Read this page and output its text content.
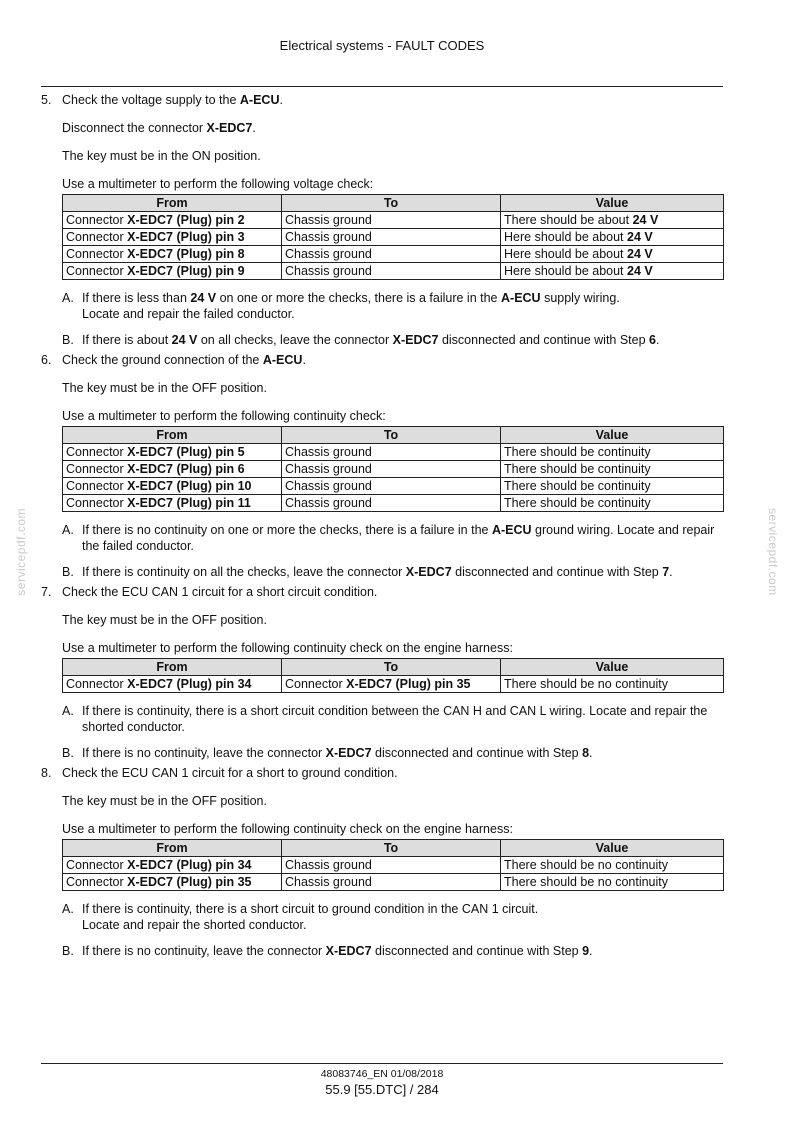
Electrical systems - FAULT CODES
servicepdf.com	servicepdf.com
5. Check the voltage supply to the A-ECU.
Disconnect the connector X-EDC7.
The key must be in the ON position.
Use a multimeter to perform the following voltage check:
From	To	Value
Connector X-EDC7 (Plug) pin 2	Chassis ground	There should be about 24 V
Connector X-EDC7 (Plug) pin 3	Chassis ground	Here should be about 24 V
Connector X-EDC7 (Plug) pin 8	Chassis ground	Here should be about 24 V
Connector X-EDC7 (Plug) pin 9	Chassis ground	Here should be about 24 V
A. If there is less than 24 V on one or more the checks, there is a failure in the A-ECU supply wiring.
Locate and repair the failed conductor.
B. If there is about 24 V on all checks, leave the connector X-EDC7 disconnected and continue with Step 6.
6. Check the ground connection of the A-ECU.
The key must be in the OFF position.
Use a multimeter to perform the following continuity check:
From	To	Value
Connector X-EDC7 (Plug) pin 5	Chassis ground	There should be continuity
Connector X-EDC7 (Plug) pin 6	Chassis ground	There should be continuity
Connector X-EDC7 (Plug) pin 10	Chassis ground	There should be continuity
Connector X-EDC7 (Plug) pin 11	Chassis ground	There should be continuity
A. If there is no continuity on one or more the checks, there is a failure in the A-ECU ground wiring. Locate and repair the failed conductor.
B. If there is continuity on all the checks, leave the connector X-EDC7 disconnected and continue with Step 7.
7. Check the ECU CAN 1 circuit for a short circuit condition.
The key must be in the OFF position.
Use a multimeter to perform the following continuity check on the engine harness:
From	To	Value
Connector X-EDC7 (Plug) pin 34	Connector X-EDC7 (Plug) pin 35	There should be no continuity
A. If there is continuity, there is a short circuit condition between the CAN H and CAN L wiring. Locate and repair the shorted conductor.
B. If there is no continuity, leave the connector X-EDC7 disconnected and continue with Step 8.
8. Check the ECU CAN 1 circuit for a short to ground condition.
The key must be in the OFF position.
Use a multimeter to perform the following continuity check on the engine harness:
From	To	Value
Connector X-EDC7 (Plug) pin 34	Chassis ground	There should be no continuity
Connector X-EDC7 (Plug) pin 35	Chassis ground	There should be no continuity
A. If there is continuity, there is a short circuit to ground condition in the CAN 1 circuit.
Locate and repair the shorted conductor.
B. If there is no continuity, leave the connector X-EDC7 disconnected and continue with Step 9.
48083746_EN 01/08/2018
55.9 [55.DTC] / 284
